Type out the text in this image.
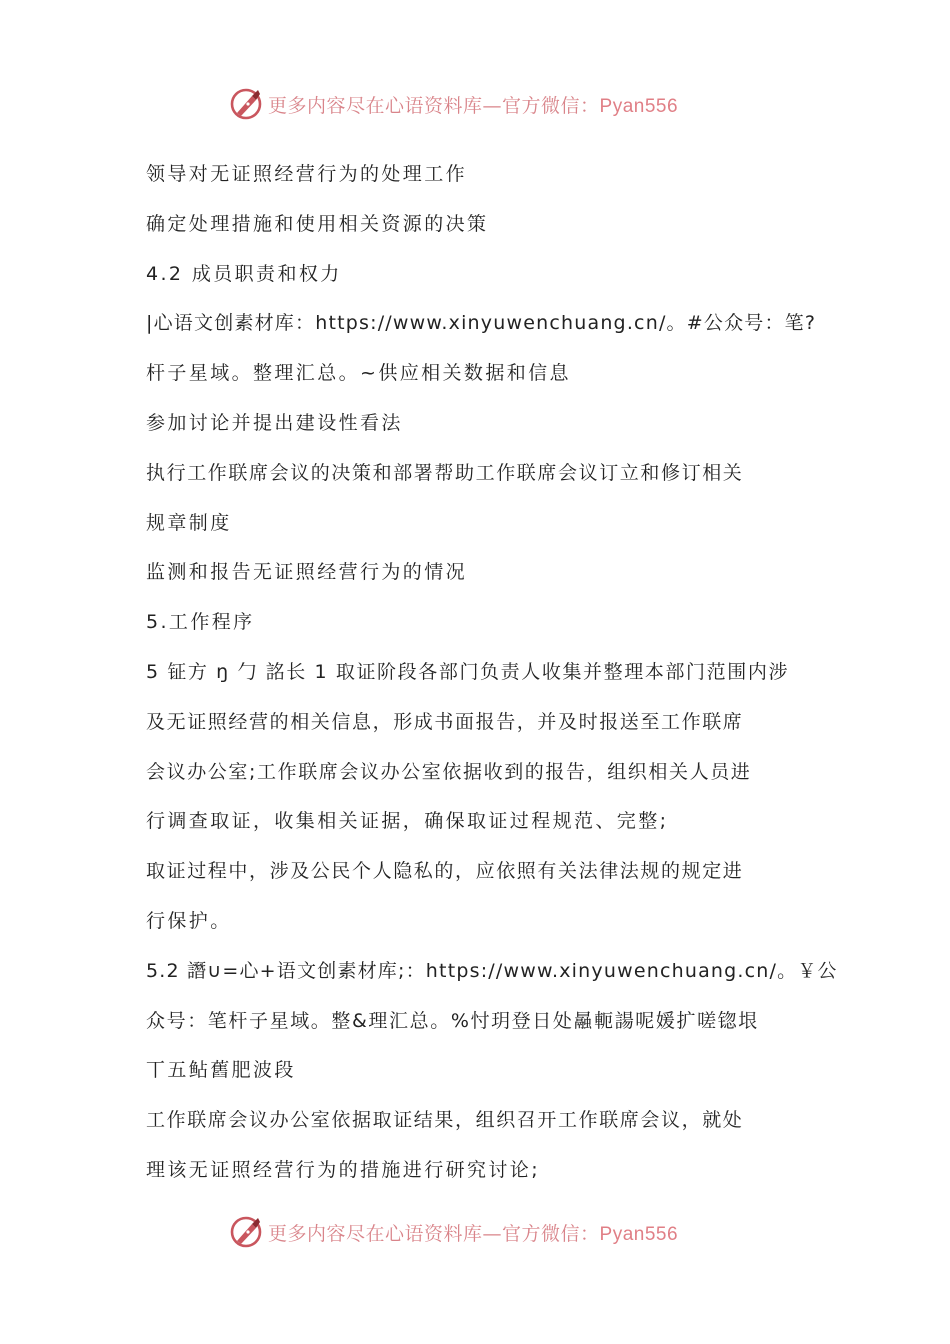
更多内容尽在心语资料库—官方微信：Pyan556
领导对无证照经营行为的处理工作
确定处理措施和使用相关资源的决策
4.2 成员职责和权力
|心语文创素材库：https://www.xinyuwenchuang.cn/。#公众号：笔?
杆子星域。整理汇总。~供应相关数据和信息
参加讨论并提出建设性看法
执行工作联席会议的决策和部署帮助工作联席会议订立和修订相关
规章制度
监测和报告无证照经营行为的情况
5.工作程序
5 钲方 ŋ 勹 詺长 1 取证阶段各部门负责人收集并整理本部门范围内涉
及无证照经营的相关信息，形成书面报告，并及时报送至工作联席
会议办公室;工作联席会议办公室依据收到的报告，组织相关人员进
行调查取证，收集相关证据，确保取证过程规范、完整;
取证过程中，涉及公民个人隐私的，应依照有关法律法规的规定进
行保护。
5.2 譖∪=心+语文创素材库;：https://www.xinyuwenchuang.cn/。￥公
众号：笔杆子星域。整&理汇总。%忖玥登日处曧軛諹呢媛扩嗟锪垠
丅五鲇舊肥波段
工作联席会议办公室依据取证结果，组织召开工作联席会议，就处
理该无证照经营行为的措施进行研究讨论;
更多内容尽在心语资料库—官方微信：Pyan556
